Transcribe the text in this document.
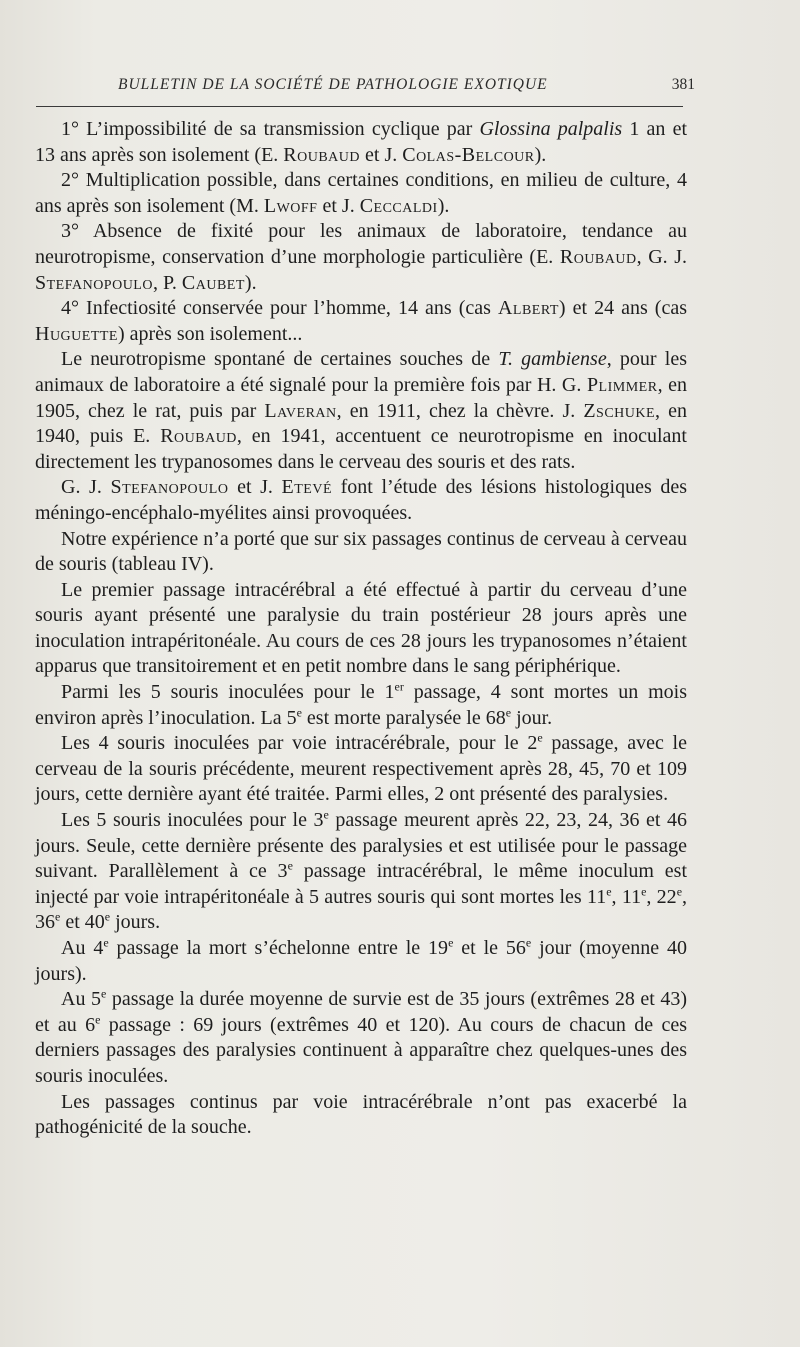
BULLETIN DE LA SOCIÉTÉ DE PATHOLOGIE EXOTIQUE	381

1° L’impossibilité de sa transmission cyclique par Glossina palpalis 1 an et 13 ans après son isolement (E. Roubaud et J. Colas-Belcour).

2° Multiplication possible, dans certaines conditions, en milieu de culture, 4 ans après son isolement (M. Lwoff et J. Ceccaldi).

3° Absence de fixité pour les animaux de laboratoire, tendance au neurotropisme, conservation d’une morphologie particulière (E. Roubaud, G. J. Stefanopoulo, P. Caubet).

4° Infectiosité conservée pour l’homme, 14 ans (cas Albert) et 24 ans (cas Huguette) après son isolement...

Le neurotropisme spontané de certaines souches de T. gambiense, pour les animaux de laboratoire a été signalé pour la première fois par H. G. Plimmer, en 1905, chez le rat, puis par Laveran, en 1911, chez la chèvre. J. Zschuke, en 1940, puis E. Roubaud, en 1941, accentuent ce neurotropisme en inoculant directement les trypanosomes dans le cerveau des souris et des rats.

G. J. Stefanopoulo et J. Etevé font l’étude des lésions histologiques des méningo-encéphalo-myélites ainsi provoquées.

Notre expérience n’a porté que sur six passages continus de cerveau à cerveau de souris (tableau IV).

Le premier passage intracérébral a été effectué à partir du cerveau d’une souris ayant présenté une paralysie du train postérieur 28 jours après une inoculation intrapéritonéale. Au cours de ces 28 jours les trypanosomes n’étaient apparus que transitoirement et en petit nombre dans le sang périphérique.

Parmi les 5 souris inoculées pour le 1er passage, 4 sont mortes un mois environ après l’inoculation. La 5e est morte paralysée le 68e jour.

Les 4 souris inoculées par voie intracérébrale, pour le 2e passage, avec le cerveau de la souris précédente, meurent respectivement après 28, 45, 70 et 109 jours, cette dernière ayant été traitée. Parmi elles, 2 ont présenté des paralysies.

Les 5 souris inoculées pour le 3e passage meurent après 22, 23, 24, 36 et 46 jours. Seule, cette dernière présente des paralysies et est utilisée pour le passage suivant. Parallèlement à ce 3e passage intracérébral, le même inoculum est injecté par voie intrapéritonéale à 5 autres souris qui sont mortes les 11e, 11e, 22e, 36e et 40e jours.

Au 4e passage la mort s’échelonne entre le 19e et le 56e jour (moyenne 40 jours).

Au 5e passage la durée moyenne de survie est de 35 jours (extrêmes 28 et 43) et au 6e passage : 69 jours (extrêmes 40 et 120). Au cours de chacun de ces derniers passages des paralysies continuent à apparaître chez quelques-unes des souris inoculées.

Les passages continus par voie intracérébrale n’ont pas exacerbé la pathogénicité de la souche.
